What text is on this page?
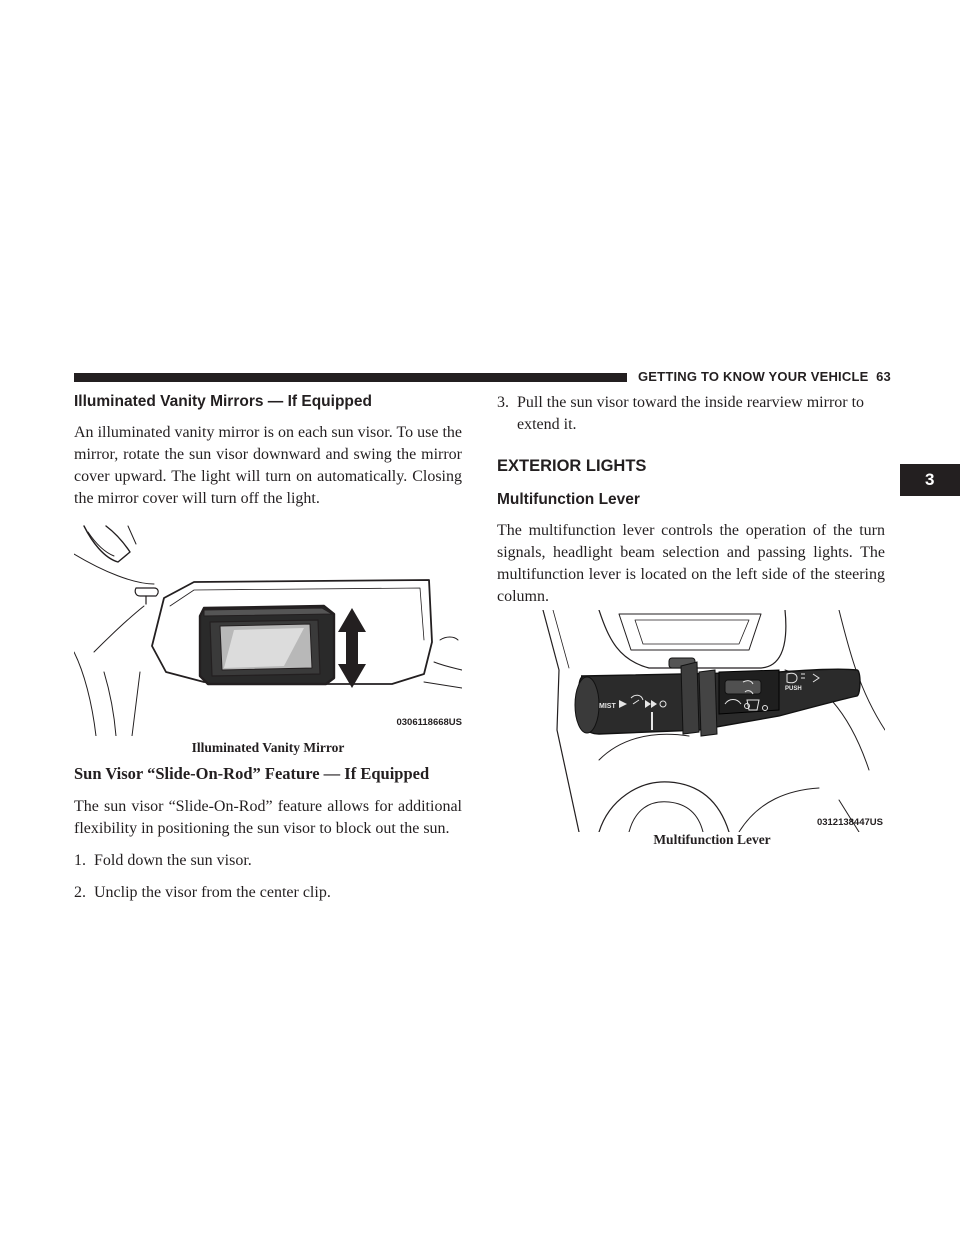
GETTING TO KNOW YOUR VEHICLE 63
3
Illuminated Vanity Mirrors — If Equipped

An illuminated vanity mirror is on each sun visor. To use the mirror, rotate the sun visor downward and swing the mirror cover upward. The light will turn on automatically. Closing the mirror cover will turn off the light.

0306118668US
Illuminated Vanity Mirror
Sun Visor “Slide-On-Rod” Feature — If Equipped

The sun visor “Slide-On-Rod” feature allows for additional flexibility in positioning the sun visor to block out the sun.

1. Fold down the sun visor.
2. Unclip the visor from the center clip.
3. Pull the sun visor toward the inside rearview mirror to
extend it.
EXTERIOR LIGHTS
Multifunction Lever

The multifunction lever controls the operation of the turn signals, headlight beam selection and passing lights. The multifunction lever is located on the left side of the steering column.

MIST
PUSH
0312138447US
Multifunction Lever
